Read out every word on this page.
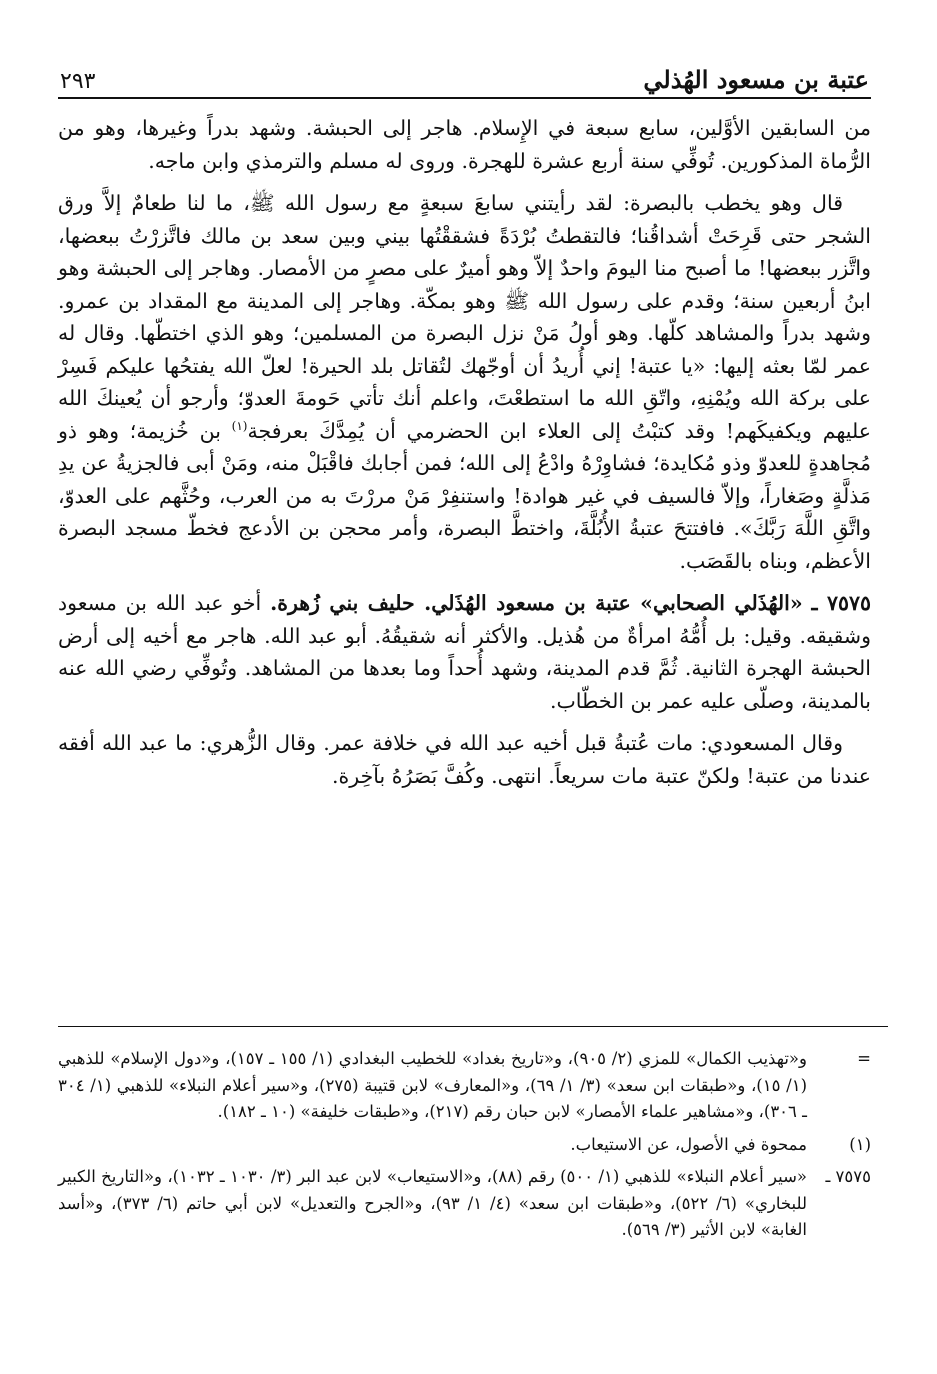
عتبة بن مسعود الهُذلي
٢٩٣

من السابقين الأوَّلين، سابع سبعة في الإِسلام. هاجر إلى الحبشة. وشهد بدراً وغيرها، وهو من الرُّماة المذكورين. تُوفِّي سنة أربع عشرة للهجرة. وروى له مسلم والترمذي وابن ماجه.

قال وهو يخطب بالبصرة: لقد رأيتني سابعَ سبعةٍ مع رسول الله ﷺ، ما لنا طعامٌ إلاَّ ورق الشجر حتى قَرِحَتْ أشداقُنا؛ فالتقطتُ بُرْدَةً فشققْتُها بيني وبين سعد بن مالك فاتَّزرْتُ ببعضها، واتَّزر ببعضها! ما أصبح منا اليومَ واحدٌ إلاّ وهو أميرٌ على مصرٍ من الأمصار. وهاجر إلى الحبشة وهو ابنُ أربعين سنة؛ وقدم على رسول الله ﷺ وهو بمكّة. وهاجر إلى المدينة مع المقداد بن عمرو. وشهد بدراً والمشاهد كلّها. وهو أولُ مَنْ نزل البصرة من المسلمين؛ وهو الذي اختطّها. وقال له عمر لمّا بعثه إليها: «يا عتبة! إني أُريدُ أن أوجّهك لتُقاتل بلد الحيرة! لعلّ الله يفتحُها عليكم فَسِرْ على بركة الله ويُمْنِهِ، واتّقِ الله ما استطعْتَ، واعلم أنك تأتي حَومةَ العدوّ؛ وأرجو أن يُعينكَ الله عليهم ويكفيكَهم! وقد كتبْتُ إلى العلاء ابن الحضرمي أن يُمِدَّكَ بعرفجة$^{(١)}$ بن خُزيمة؛ وهو ذو مُجاهدةٍ للعدوّ وذو مُكايدة؛ فشاوِرْهُ وادْعُ إلى الله؛ فمن أجابك فاقْبَلْ منه، ومَنْ أبى فالجزيةُ عن يدِ مَذلَّةٍ وصَغاراً، وإلاّ فالسيف في غير هوادة! واستنفِرْ مَنْ مررْتَ به من العرب، وحُثَّهم على العدوّ، واتَّقِ اللَّهَ رَبَّكَ». فافتتحَ عتبةُ الأُبُلَّةَ، واختطَّ البصرة، وأمر محجن بن الأدعج فخطّ مسجد البصرة الأعظم، وبناه بالقَصَب.

٧٥٧٥ ـ «الهُذَلي الصحابي» عتبة بن مسعود الهُذَلي. حليف بني زُهرة. أخو عبد الله بن مسعود وشقيقه. وقيل: بل أُمُّهُ امرأةٌ من هُذيل. والأكثر أنه شقيقُهُ. أبو عبد الله. هاجر مع أخيه إلى أرض الحبشة الهجرة الثانية. ثُمَّ قدم المدينة، وشهد أُحداً وما بعدها من المشاهد. وتُوفِّي رضي الله عنه بالمدينة، وصلّى عليه عمر بن الخطّاب.

وقال المسعودي: مات عُتبةُ قبل أخيه عبد الله في خلافة عمر. وقال الزُّهري: ما عبد الله أفقه عندنا من عتبة! ولكنّ عتبة مات سريعاً. انتهى. وكُفَّ بَصَرُهُ بآخِرة.

=
و«تهذيب الكمال» للمزي (٢/ ٩٠٥)، و«تاريخ بغداد» للخطيب البغدادي (١/ ١٥٥ ـ ١٥٧)، و«دول الإسلام» للذهبي (١/ ١٥)، و«طبقات ابن سعد» (٣/ ١/ ٦٩)، و«المعارف» لابن قتيبة (٢٧٥)، و«سير أعلام النبلاء» للذهبي (١/ ٣٠٤ ـ ٣٠٦)، و«مشاهير علماء الأمصار» لابن حبان رقم (٢١٧)، و«طبقات خليفة» (١٠ ـ ١٨٢).
(١)
ممحوة في الأصول، عن الاستيعاب.
٧٥٧٥ ـ
«سير أعلام النبلاء» للذهبي (١/ ٥٠٠) رقم (٨٨)، و«الاستيعاب» لابن عبد البر (٣/ ١٠٣٠ ـ ١٠٣٢)، و«التاريخ الكبير للبخاري» (٦/ ٥٢٢)، و«طبقات ابن سعد» (٤/ ١/ ٩٣)، و«الجرح والتعديل» لابن أبي حاتم (٦/ ٣٧٣)، و«أسد الغابة» لابن الأثير (٣/ ٥٦٩).
